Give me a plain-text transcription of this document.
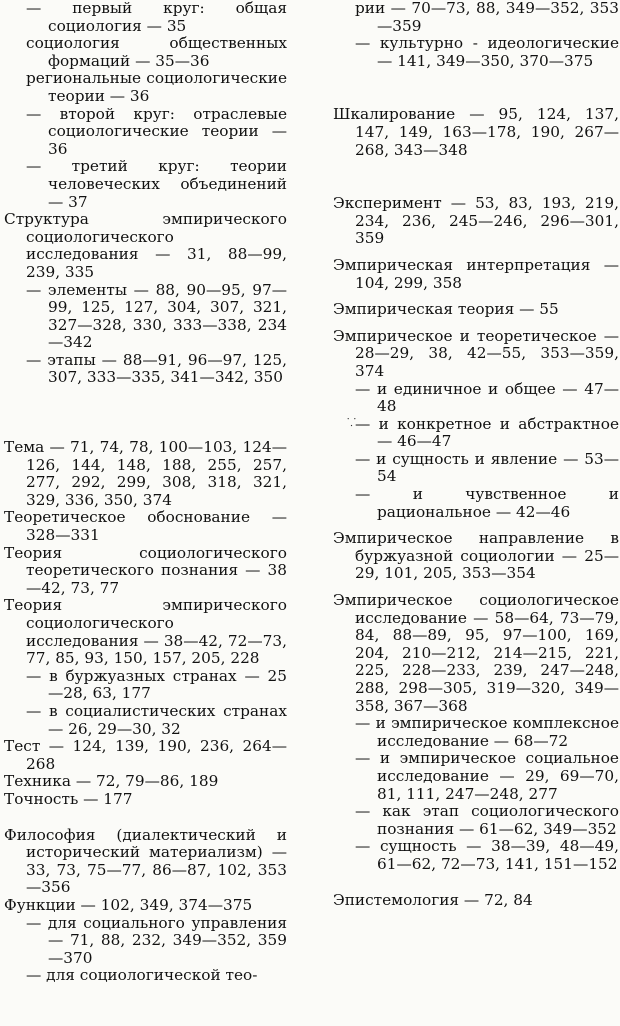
— первый круг: общая социология — 35
социология общественных формаций — 35—36
региональные социологические теории — 36
— второй круг: отраслевые социологические теории — 36
— третий круг: теории человеческих объединений — 37
Структура эмпирического социологического исследования — 31, 88—99, 239, 335
— элементы — 88, 90—95, 97—99, 125, 127, 304, 307, 321, 327—328, 330, 333—338, 234—342
— этапы — 88—91, 96—97, 125, 307, 333—335, 341—342, 350
Тема — 71, 74, 78, 100—103, 124—126, 144, 148, 188, 255, 257, 277, 292, 299, 308, 318, 321, 329, 336, 350, 374
Теоретическое обоснование — 328—331
Теория социологического теоретического познания — 38—42, 73, 77
Теория эмпирического социологического исследования — 38—42, 72—73, 77, 85, 93, 150, 157, 205, 228
— в буржуазных странах — 25—28, 63, 177
— в социалистических странах — 26, 29—30, 32
Тест — 124, 139, 190, 236, 264—268
Техника — 72, 79—86, 189
Точность — 177
Философия (диалектический и исторический материализм) — 33, 73, 75—77, 86—87, 102, 353—356
Функции — 102, 349, 374—375
— для социального управления — 71, 88, 232, 349—352, 359—370
— для социологической тео-
рии — 70—73, 88, 349—352, 353—359
— культурно - идеологические — 141, 349—350, 370—375
Шкалирование — 95, 124, 137, 147, 149, 163—178, 190, 267—268, 343—348
Эксперимент — 53, 83, 193, 219, 234, 236, 245—246, 296—301, 359
Эмпирическая интерпретация — 104, 299, 358
Эмпирическая теория — 55
Эмпирическое и теоретическое — 28—29, 38, 42—55, 353—359, 374
— и единичное и общее — 47—48
— и конкретное и абстрактное — 46—47
— и сущность и явление — 53—54
— и чувственное и рациональное — 42—46
Эмпирическое направление в буржуазной социологии — 25—29, 101, 205, 353—354
Эмпирическое социологическое исследование — 58—64, 73—79, 84, 88—89, 95, 97—100, 169, 204, 210—212, 214—215, 221, 225, 228—233, 239, 247—248, 288, 298—305, 319—320, 349—358, 367—368
— и эмпирическое комплексное исследование — 68—72
— и эмпирическое социальное исследование — 29, 69—70, 81, 111, 247—248, 277
— как этап социологического познания — 61—62, 349—352
— сущность — 38—39, 48—49, 61—62, 72—73, 141, 151—152
Эпистемология — 72, 84
⸪
